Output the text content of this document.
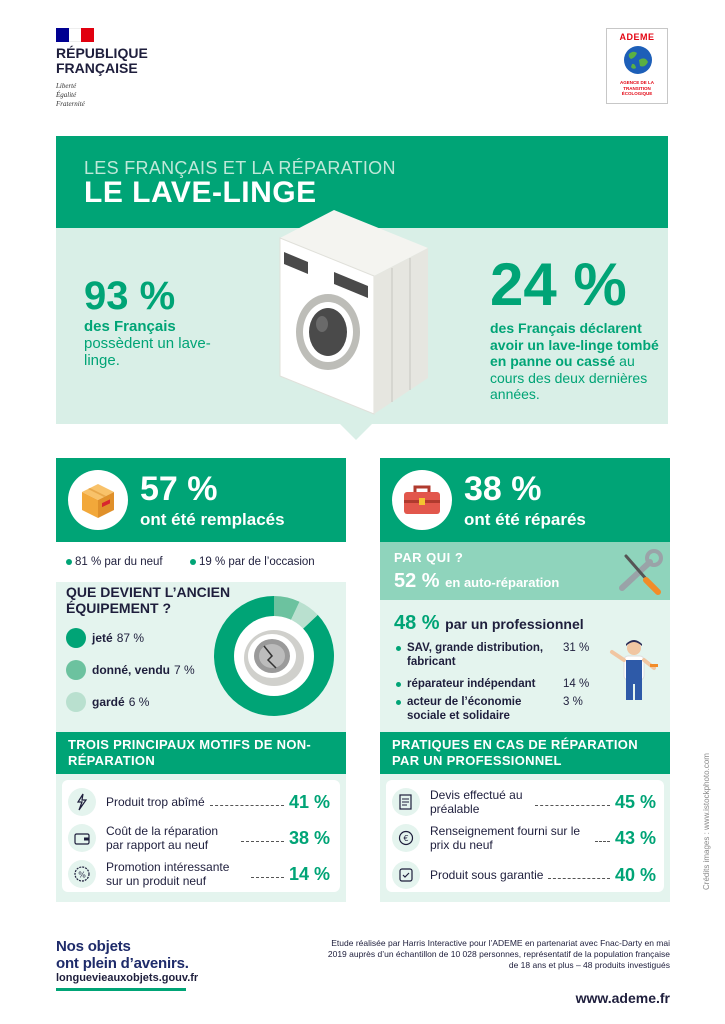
RÉPUBLIQUE
FRANÇAISE
Liberté
Égalité
Fraternité
ADEME
AGENCE DE LA
TRANSITION
ÉCOLOGIQUE
LES FRANÇAIS ET LA RÉPARATION
LE LAVE-LINGE
93 %
des Français possèdent un lave-linge.
24 %
des Français déclarent avoir un lave-linge tombé en panne ou cassé au cours des deux dernières années.
57 %
ont été remplacés
81 % par du neuf	19 % par de l’occasion
QUE DEVIENT L’ANCIEN ÉQUIPEMENT ?
jeté 87 %
donné, vendu 7 %
gardé 6 %
TROIS PRINCIPAUX MOTIFS DE NON-RÉPARATION
Produit trop abîmé	41 %
Coût de la réparation par rapport au neuf	38 %
%
Promotion intéressante sur un produit neuf	14 %
38 %
ont été réparés
PAR QUI ?
52 % en auto-réparation
48 % par un professionnel
SAV, grande distribution, fabricant
31 %
réparateur indépendant	14 %
acteur de l’économie sociale et solidaire
3 %
PRATIQUES EN CAS DE RÉPARATION PAR UN PROFESSIONNEL
Devis effectué au préalable	45 %
€
Renseignement fourni sur le prix du neuf	43 %
Produit sous garantie	40 %	Crédits images : www.istockphoto.com
Nos objets
ont plein d’avenirs.
longuevieauxobjets.gouv.fr
Etude réalisée par Harris Interactive pour l’ADEME en partenariat avec Fnac-Darty en mai 2019 auprès d’un échantillon de 10 028 personnes, représentatif de la population française de 18 ans et plus – 48 produits investigués
www.ademe.fr
